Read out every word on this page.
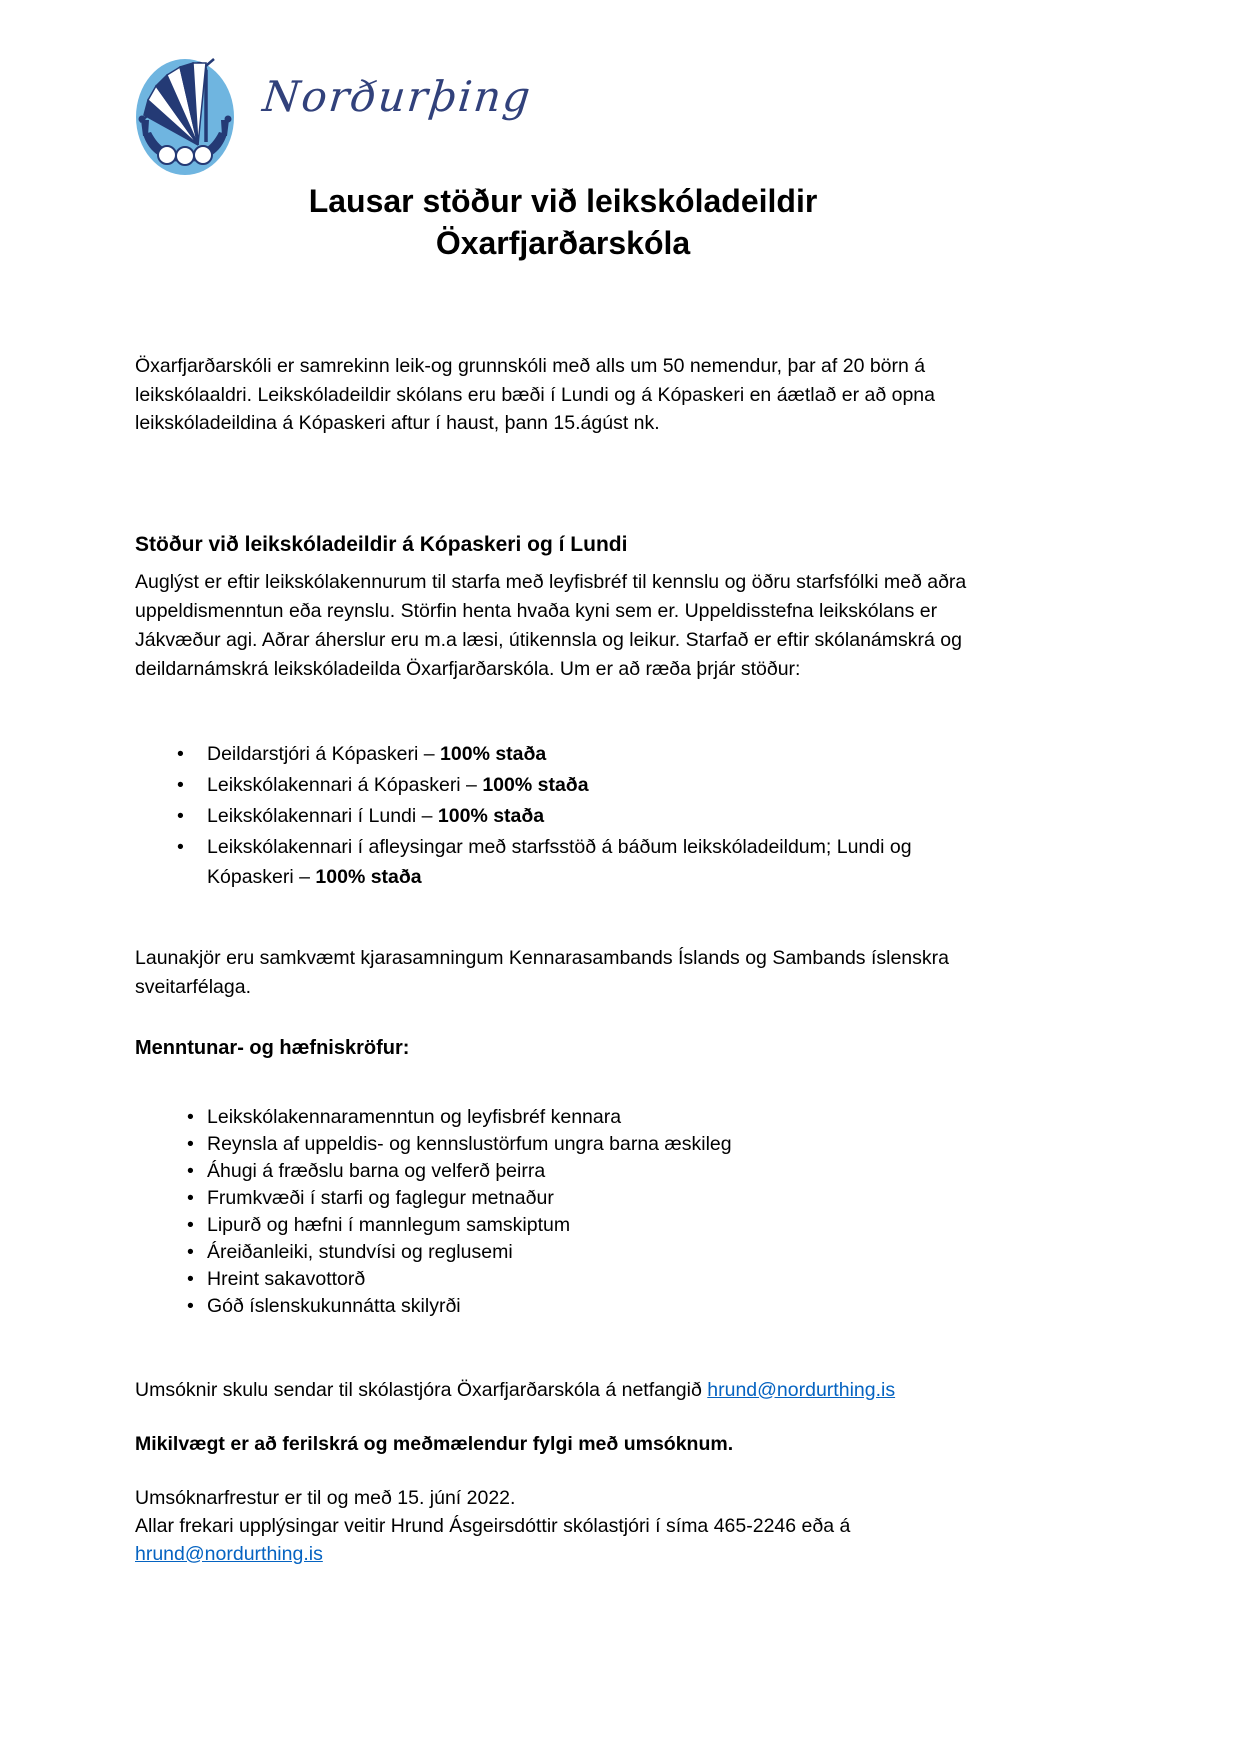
Norðurþing
Lausar stöður við leikskóladeildir
Öxarfjarðarskóla

Öxarfjarðarskóli er samrekinn leik-og grunnskóli með alls um 50 nemendur, þar af 20 börn á leikskólaaldri. Leikskóladeildir skólans eru bæði í Lundi og á Kópaskeri en áætlað er að opna leikskóladeildina á Kópaskeri aftur í haust, þann 15.ágúst nk.

Stöður við leikskóladeildir á Kópaskeri og í Lundi

Auglýst er eftir leikskólakennurum til starfa með leyfisbréf til kennslu og öðru starfsfólki með aðra uppeldismenntun eða reynslu. Störfin henta hvaða kyni sem er. Uppeldisstefna leikskólans er Jákvæður agi. Aðrar áherslur eru m.a læsi, útikennsla og leikur. Starfað er eftir skólanámskrá og deildarnámskrá leikskóladeilda Öxarfjarðarskóla. Um er að ræða þrjár stöður:

• Deildarstjóri á Kópaskeri – 100% staða
• Leikskólakennari á Kópaskeri – 100% staða
• Leikskólakennari í Lundi – 100% staða
• Leikskólakennari í afleysingar með starfsstöð á báðum leikskóladeildum; Lundi og Kópaskeri – 100% staða

Launakjör eru samkvæmt kjarasamningum Kennarasambands Íslands og Sambands íslenskra sveitarfélaga.

Menntunar- og hæfniskröfur:
• Leikskólakennaramenntun og leyfisbréf kennara
• Reynsla af uppeldis- og kennslustörfum ungra barna æskileg
• Áhugi á fræðslu barna og velferð þeirra
• Frumkvæði í starfi og faglegur metnaður
• Lipurð og hæfni í mannlegum samskiptum
• Áreiðanleiki, stundvísi og reglusemi
• Hreint sakavottorð
• Góð íslenskukunnátta skilyrði

Umsóknir skulu sendar til skólastjóra Öxarfjarðarskóla á netfangið hrund@nordurthing.is

Mikilvægt er að ferilskrá og meðmælendur fylgi með umsóknum.

Umsóknarfrestur er til og með 15. júní 2022.
Allar frekari upplýsingar veitir Hrund Ásgeirsdóttir skólastjóri í síma 465-2246 eða á
hrund@nordurthing.is
